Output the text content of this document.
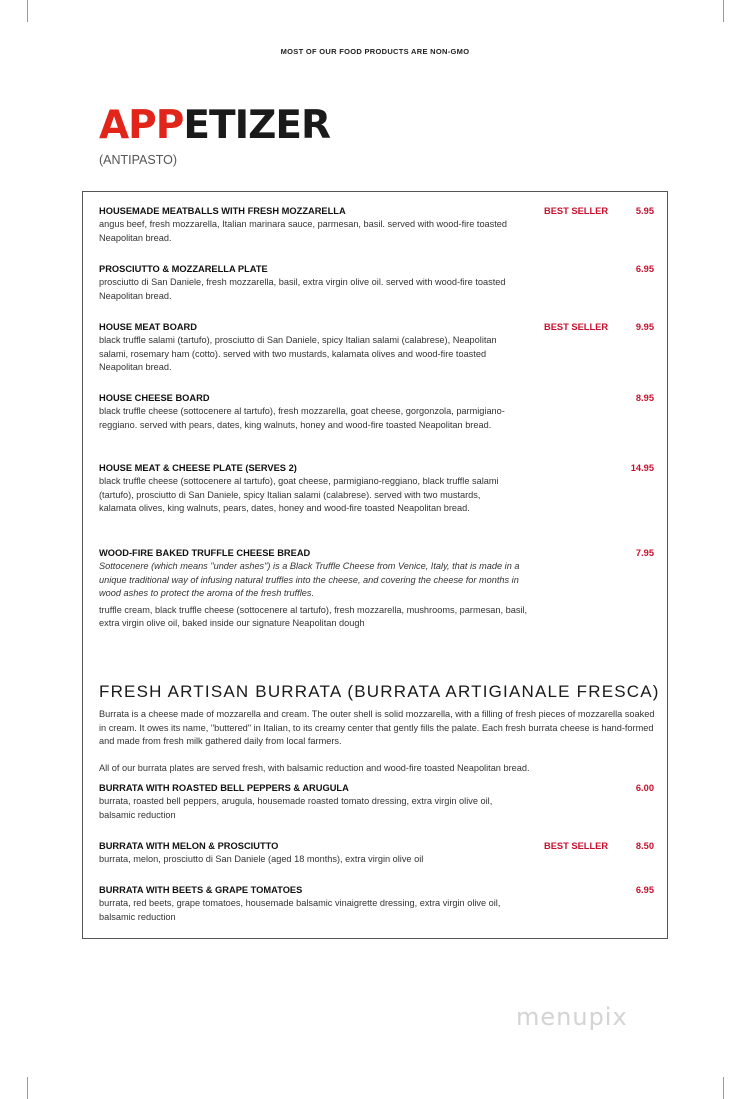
MOST OF OUR FOOD PRODUCTS ARE NON-GMO
APPETIZER
(ANTIPASTO)
HOUSEMADE MEATBALLS WITH FRESH MOZZARELLA	BEST SELLER	5.95
angus beef, fresh mozzarella, Italian marinara sauce, parmesan, basil. served with wood-fire toasted Neapolitan bread.
PROSCIUTTO & MOZZARELLA PLATE	6.95
prosciutto di San Daniele, fresh mozzarella, basil, extra virgin olive oil. served with wood-fire toasted Neapolitan bread.
HOUSE MEAT BOARD	BEST SELLER	9.95
black truffle salami (tartufo), prosciutto di San Daniele, spicy Italian salami (calabrese), Neapolitan salami, rosemary ham (cotto). served with two mustards, kalamata olives and wood-fire toasted Neapolitan bread.
HOUSE CHEESE BOARD	8.95
black truffle cheese (sottocenere al tartufo), fresh mozzarella, goat cheese, gorgonzola, parmigiano-reggiano. served with pears, dates, king walnuts, honey and wood-fire toasted Neapolitan bread.
HOUSE MEAT & CHEESE PLATE (SERVES 2)	14.95
black truffle cheese (sottocenere al tartufo), goat cheese, parmigiano-reggiano, black truffle salami (tartufo), prosciutto di San Daniele, spicy Italian salami (calabrese). served with two mustards, kalamata olives, king walnuts, pears, dates, honey and wood-fire toasted Neapolitan bread.
WOOD-FIRE BAKED TRUFFLE CHEESE BREAD	7.95
Sottocenere (which means "under ashes") is a Black Truffle Cheese from Venice, Italy, that is made in a unique traditional way of infusing natural truffles into the cheese, and covering the cheese for months in wood ashes to protect the aroma of the fresh truffles.
truffle cream, black truffle cheese (sottocenere al tartufo), fresh mozzarella, mushrooms, parmesan, basil, extra virgin olive oil, baked inside our signature Neapolitan dough
FRESH ARTISAN BURRATA (BURRATA ARTIGIANALE FRESCA)
Burrata is a cheese made of mozzarella and cream. The outer shell is solid mozzarella, with a filling of fresh pieces of mozzarella soaked in cream. It owes its name, "buttered" in Italian, to its creamy center that gently fills the palate. Each fresh burrata cheese is hand-formed and made from fresh milk gathered daily from local farmers.
All of our burrata plates are served fresh, with balsamic reduction and wood-fire toasted Neapolitan bread.
BURRATA WITH ROASTED BELL PEPPERS & ARUGULA	6.00
burrata, roasted bell peppers, arugula, housemade roasted tomato dressing, extra virgin olive oil, balsamic reduction
BURRATA WITH MELON & PROSCIUTTO	BEST SELLER	8.50
burrata, melon, prosciutto di San Daniele (aged 18 months), extra virgin olive oil
BURRATA WITH BEETS & GRAPE TOMATOES	6.95
burrata, red beets, grape tomatoes, housemade balsamic vinaigrette dressing, extra virgin olive oil, balsamic reduction
menupix
